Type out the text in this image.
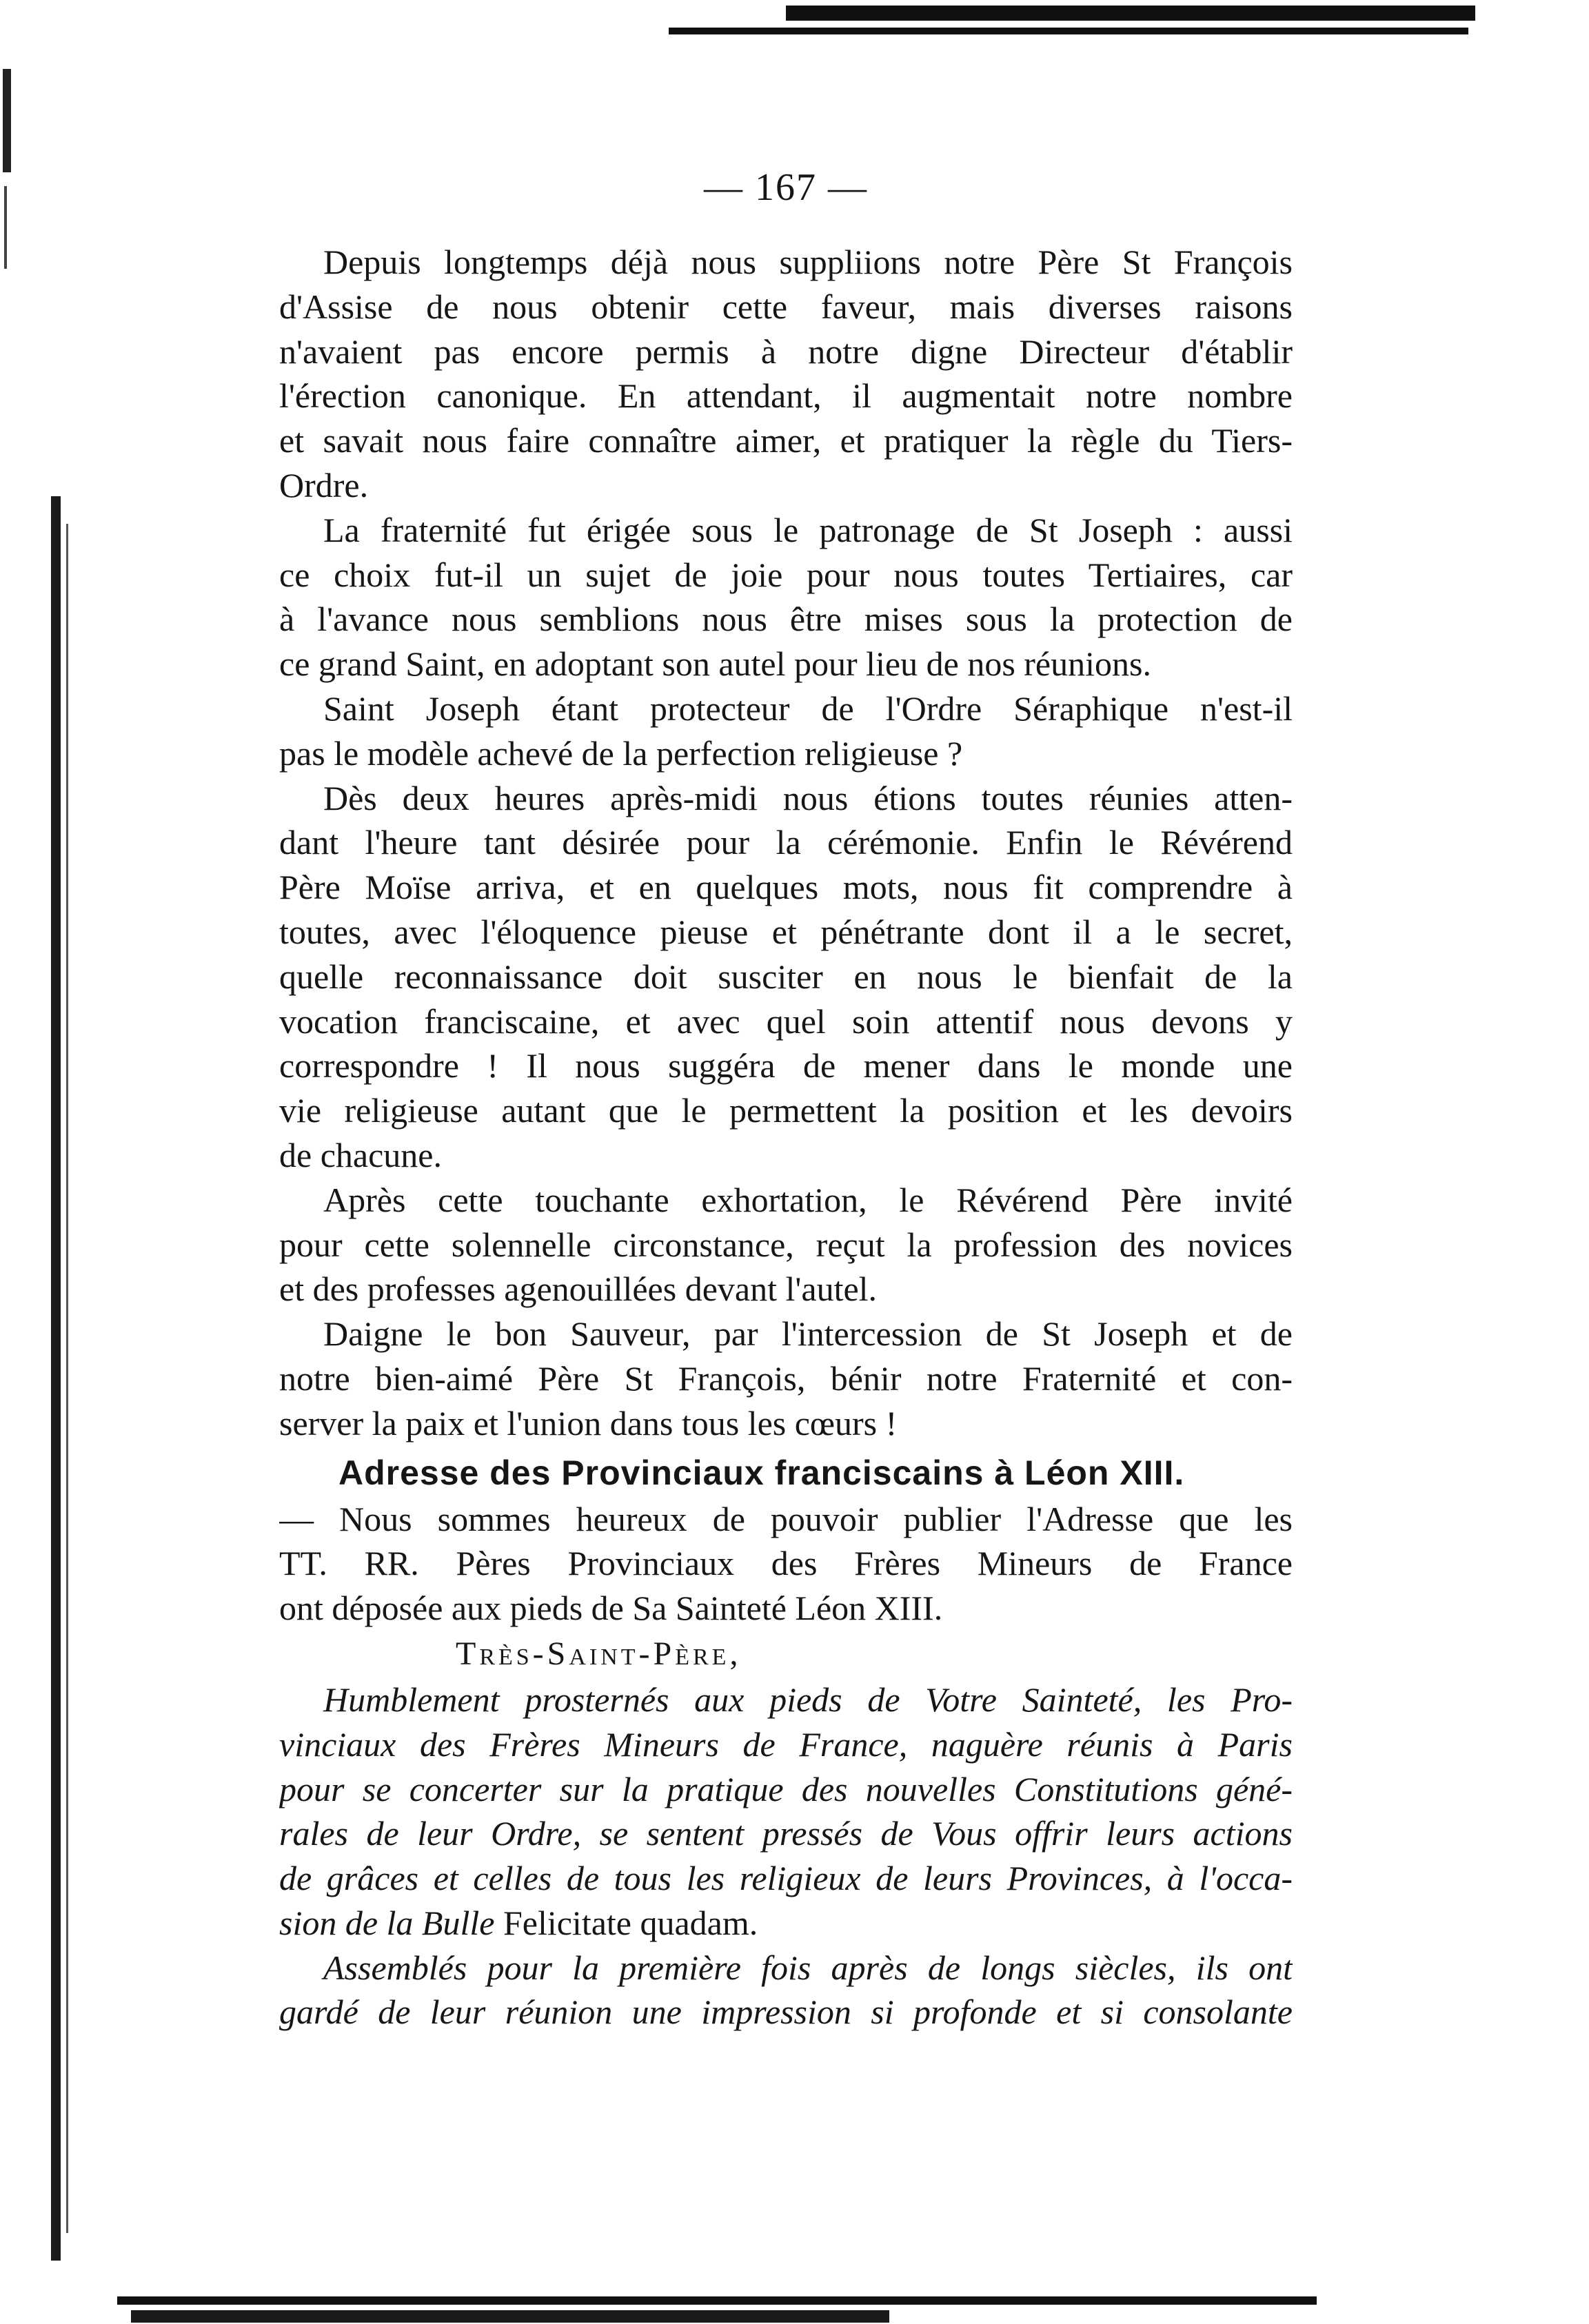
— 167 —
Depuis longtemps déjà nous suppliions notre Père St François
d'Assise de nous obtenir cette faveur, mais diverses raisons
n'avaient pas encore permis à notre digne Directeur d'établir
l'érection canonique. En attendant, il augmentait notre nombre
et savait nous faire connaître aimer, et pratiquer la règle du Tiers-
Ordre.
La fraternité fut érigée sous le patronage de St Joseph : aussi
ce choix fut-il un sujet de joie pour nous toutes Tertiaires, car
à l'avance nous semblions nous être mises sous la protection de
ce grand Saint, en adoptant son autel pour lieu de nos réunions.
Saint Joseph étant protecteur de l'Ordre Séraphique n'est-il
pas le modèle achevé de la perfection religieuse ?
Dès deux heures après-midi nous étions toutes réunies atten-
dant l'heure tant désirée pour la cérémonie. Enfin le Révérend
Père Moïse arriva, et en quelques mots, nous fit comprendre à
toutes, avec l'éloquence pieuse et pénétrante dont il a le secret,
quelle reconnaissance doit susciter en nous le bienfait de la
vocation franciscaine, et avec quel soin attentif nous devons y
correspondre ! Il nous suggéra de mener dans le monde une
vie religieuse autant que le permettent la position et les devoirs
de chacune.
Après cette touchante exhortation, le Révérend Père invité
pour cette solennelle circonstance, reçut la profession des novices
et des professes agenouillées devant l'autel.
Daigne le bon Sauveur, par l'intercession de St Joseph et de
notre bien-aimé Père St François, bénir notre Fraternité et con-
server la paix et l'union dans tous les cœurs !
Adresse des Provinciaux franciscains à Léon XIII.
— Nous sommes heureux de pouvoir publier l'Adresse que les
TT. RR. Pères Provinciaux des Frères Mineurs de France
ont déposée aux pieds de Sa Sainteté Léon XIII.
Très-Saint-Père,
Humblement prosternés aux pieds de Votre Sainteté, les Pro-
vinciaux des Frères Mineurs de France, naguère réunis à Paris
pour se concerter sur la pratique des nouvelles Constitutions géné-
rales de leur Ordre, se sentent pressés de Vous offrir leurs actions
de grâces et celles de tous les religieux de leurs Provinces, à l'occa-
sion de la Bulle Felicitate quadam.
Assemblés pour la première fois après de longs siècles, ils ont
gardé de leur réunion une impression si profonde et si consolante
